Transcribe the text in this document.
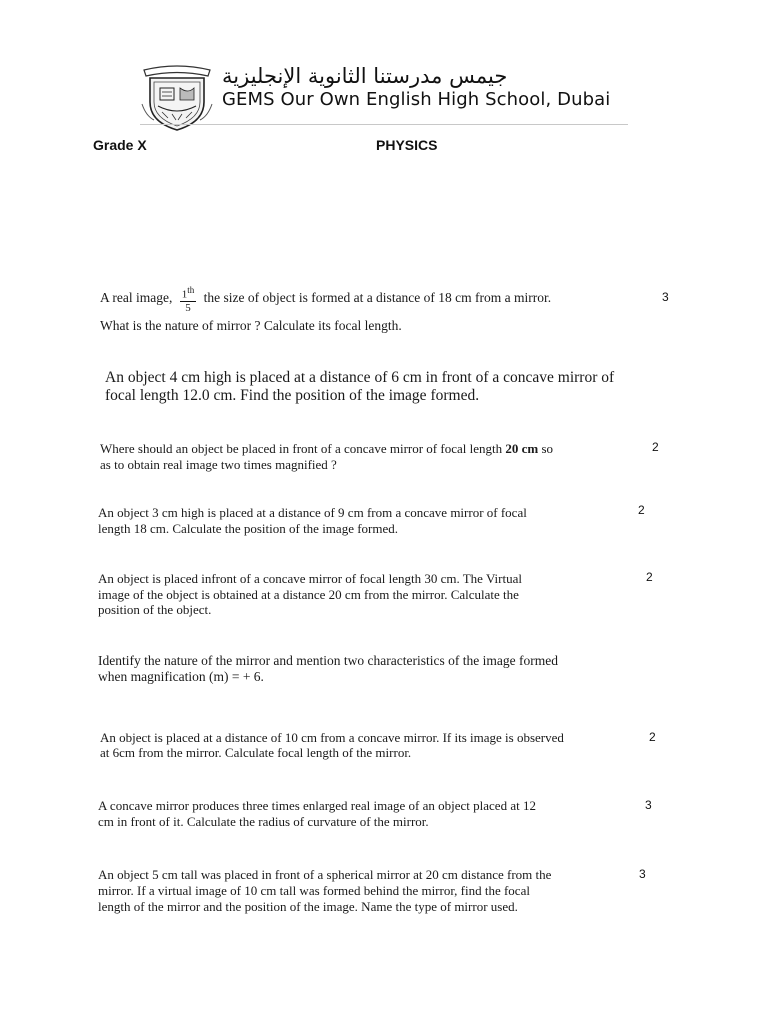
جيمس مدرستنا الثانوية الإنجليزية
GEMS Our Own English High School, Dubai
Grade X	PHYSICS
A real image, $\frac{1^{th}}{5}$ the size of object is formed at a distance of 18 cm from a mirror.
What is the nature of mirror ? Calculate its focal length.
3
An object 4 cm high is placed at a distance of 6 cm in front of a concave mirror of
focal length 12.0 cm. Find the position of the image formed.
Where should an object be placed in front of a concave mirror of focal length 20 cm so
as to obtain real image two times magnified ?
2
An object 3 cm high is placed at a distance of 9 cm from a concave mirror of focal
length 18 cm. Calculate the position of the image formed.
2
An object is placed infront of a concave mirror of focal length 30 cm. The Virtual
image of the object is obtained at a distance 20 cm from the mirror. Calculate the
position of the object.
2
Identify the nature of the mirror and mention two characteristics of the image formed
when magnification (m) = + 6.
An object is placed at a distance of 10 cm from a concave mirror. If its image is observed
at 6cm from the mirror. Calculate focal length of the mirror.
2
A concave mirror produces three times enlarged real image of an object placed at 12
cm in front of it. Calculate the radius of curvature of the mirror.
3
An object 5 cm tall was placed in front of a spherical mirror at 20 cm distance from the
mirror. If a virtual image of 10 cm tall was formed behind the mirror, find the focal
length of the mirror and the position of the image. Name the type of mirror used.
3
